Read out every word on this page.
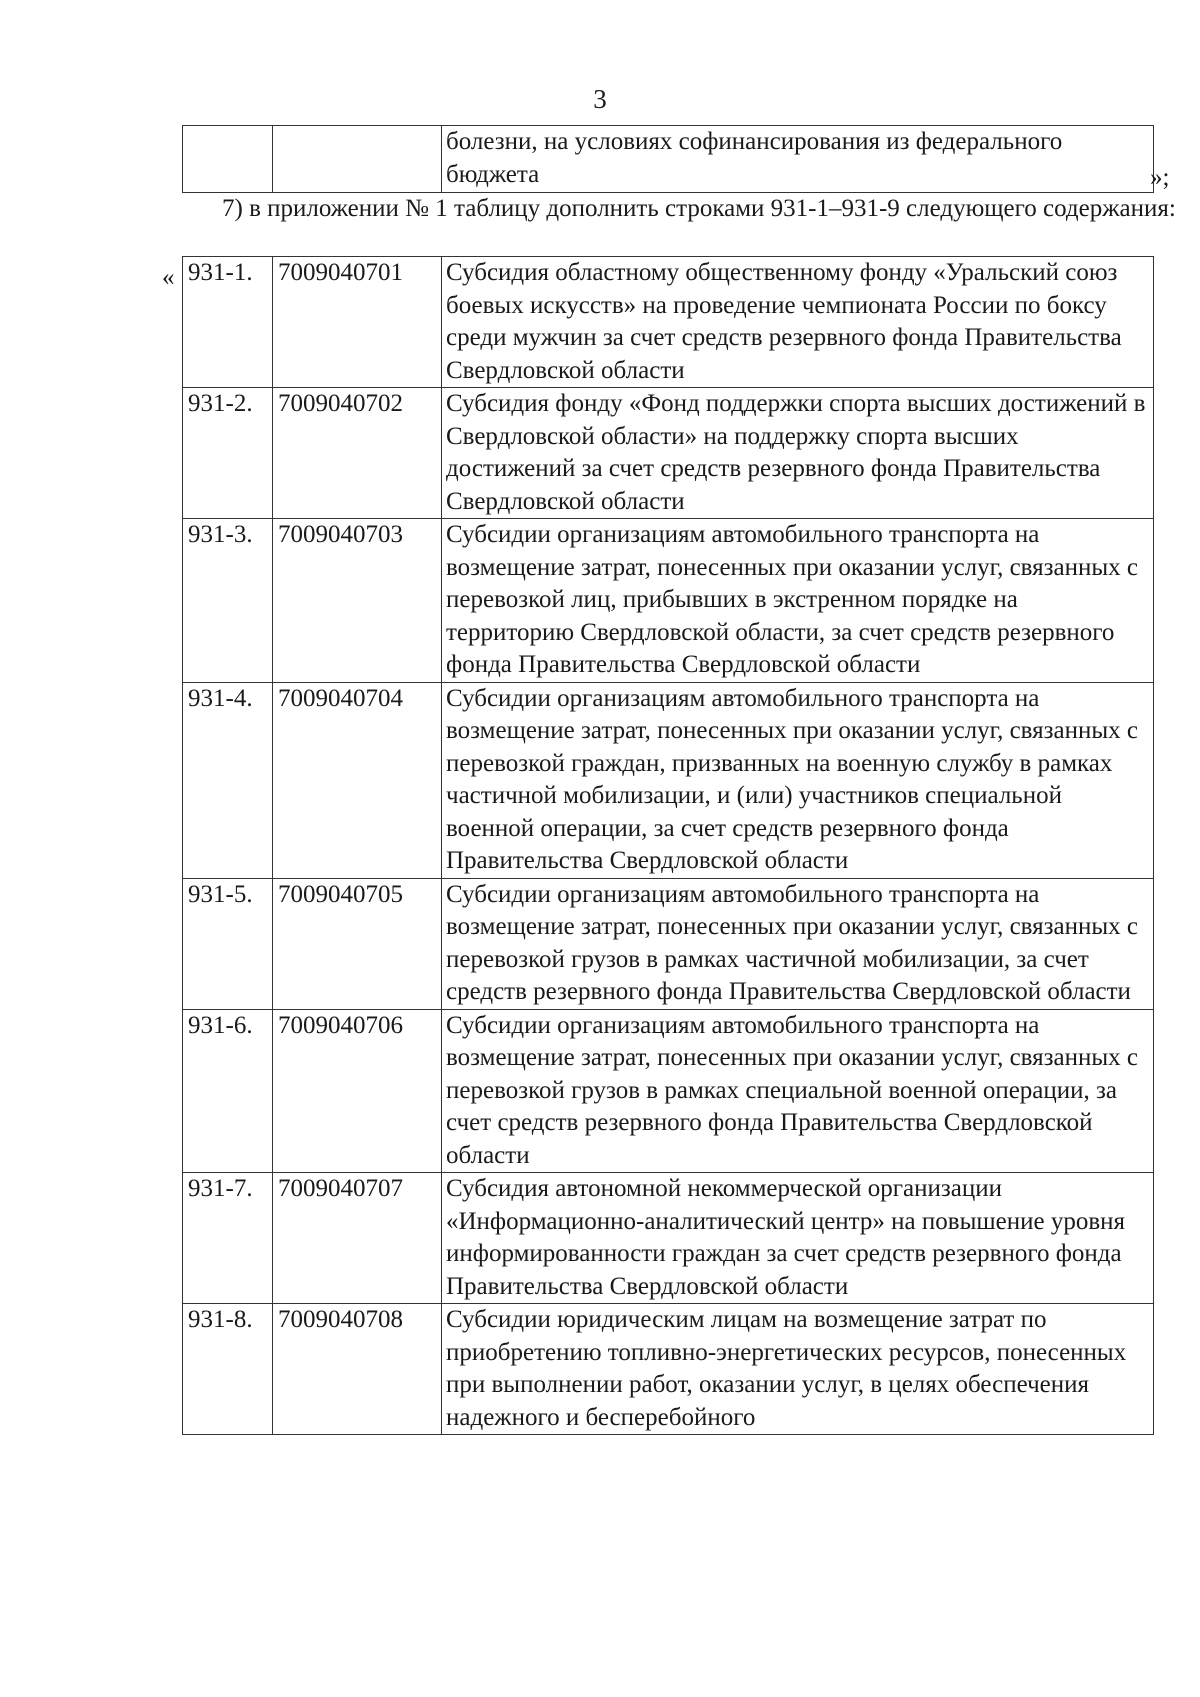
3
		болезни, на условиях софинансирования из федерального бюджета	»;
7) в приложении № 1 таблицу дополнить строками 931-1–931-9 следующего содержания:
« 931-1.	7009040701	Субсидия областному общественному фонду «Уральский союз боевых искусств» на проведение чемпионата России по боксу среди мужчин за счет средств резервного фонда Правительства Свердловской области
931-2.	7009040702	Субсидия фонду «Фонд поддержки спорта высших достижений в Свердловской области» на поддержку спорта высших достижений за счет средств резервного фонда Правительства Свердловской области
931-3.	7009040703	Субсидии организациям автомобильного транспорта на возмещение затрат, понесенных при оказании услуг, связанных с перевозкой лиц, прибывших в экстренном порядке на территорию Свердловской области, за счет средств резервного фонда Правительства Свердловской области
931-4.	7009040704	Субсидии организациям автомобильного транспорта на возмещение затрат, понесенных при оказании услуг, связанных с перевозкой граждан, призванных на военную службу в рамках частичной мобилизации, и (или) участников специальной военной операции, за счет средств резервного фонда Правительства Свердловской области
931-5.	7009040705	Субсидии организациям автомобильного транспорта на возмещение затрат, понесенных при оказании услуг, связанных с перевозкой грузов в рамках частичной мобилизации, за счет средств резервного фонда Правительства Свердловской области
931-6.	7009040706	Субсидии организациям автомобильного транспорта на возмещение затрат, понесенных при оказании услуг, связанных с перевозкой грузов в рамках специальной военной операции, за счет средств резервного фонда Правительства Свердловской области
931-7.	7009040707	Субсидия автономной некоммерческой организации «Информационно-аналитический центр» на повышение уровня информированности граждан за счет средств резервного фонда Правительства Свердловской области
931-8.	7009040708	Субсидии юридическим лицам на возмещение затрат по приобретению топливно-энергетических ресурсов, понесенных при выполнении работ, оказании услуг, в целях обеспечения надежного и бесперебойного
